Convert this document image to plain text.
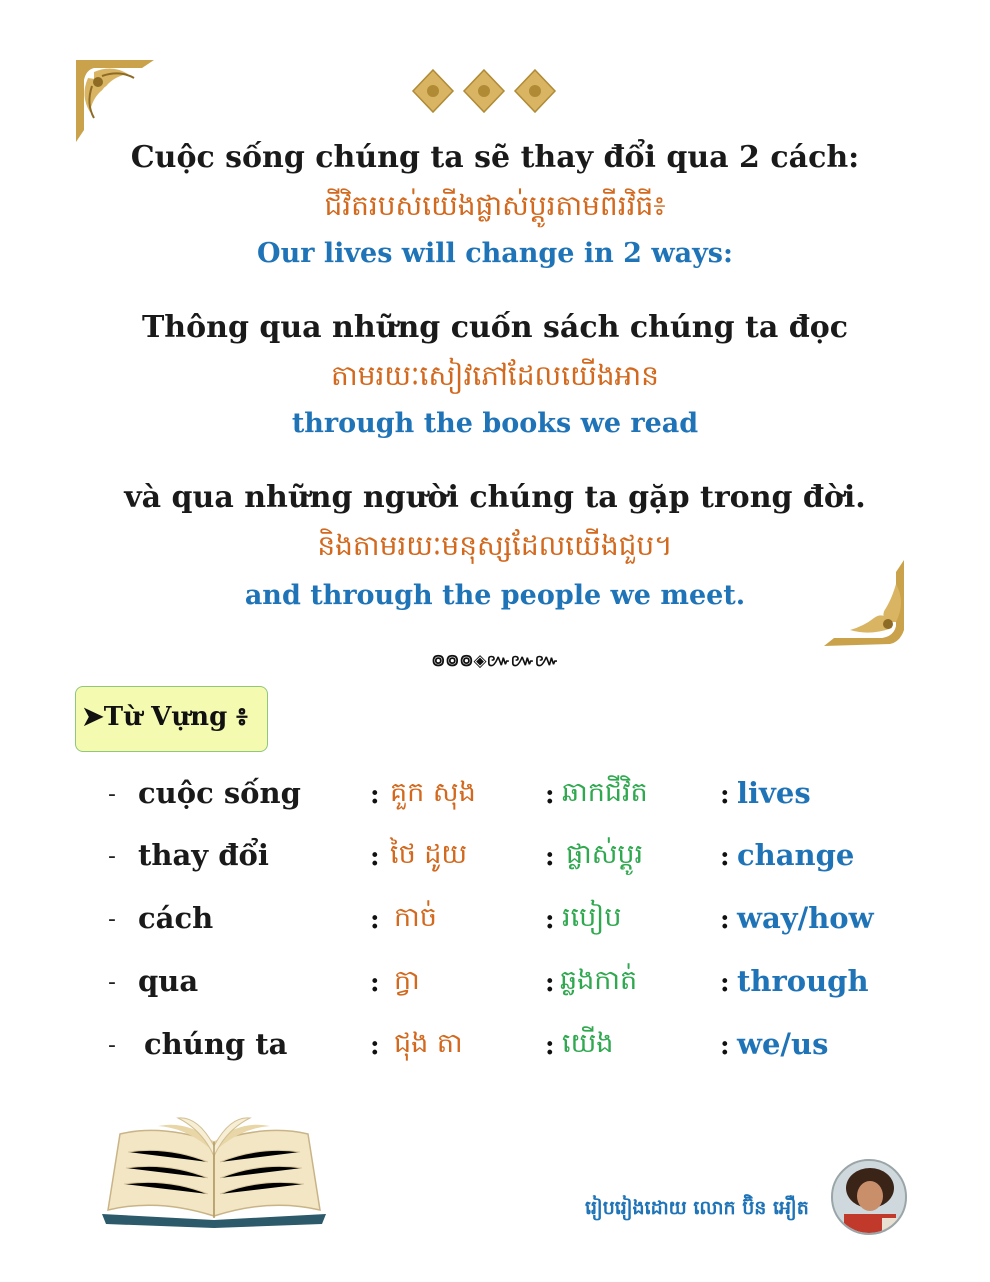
Cuộc sống chúng ta sẽ thay đổi qua 2 cách:
ជីវិតរបស់យើងផ្លាស់ប្តូរតាមពីរវិធី៖
Our lives will change in 2 ways:
Thông qua những cuốn sách chúng ta đọc
តាមរយៈសៀវភៅដែលយើងអាន
through the books we read
và qua những người chúng ta gặp trong đời.
និងតាមរយៈមនុស្សដែលយើងជួប។
and through the people we meet.
៙៙៙◈៚៚៚
➤Từ Vựng ៖
- cuộc sống	: គួក សុង	: ឆាកជីវិត	: lives
- thay đổi	: ថៃ ដូយ	: ផ្លាស់ប្តូរ	: change
- cách	: កាច់	: របៀប	: way/how
- qua	: ក្វា	: ឆ្លងកាត់	: through
- chúng ta	: ជុង តា	: យើង	: we/us
រៀបរៀងដោយ លោក ប៊ិន អឿត
